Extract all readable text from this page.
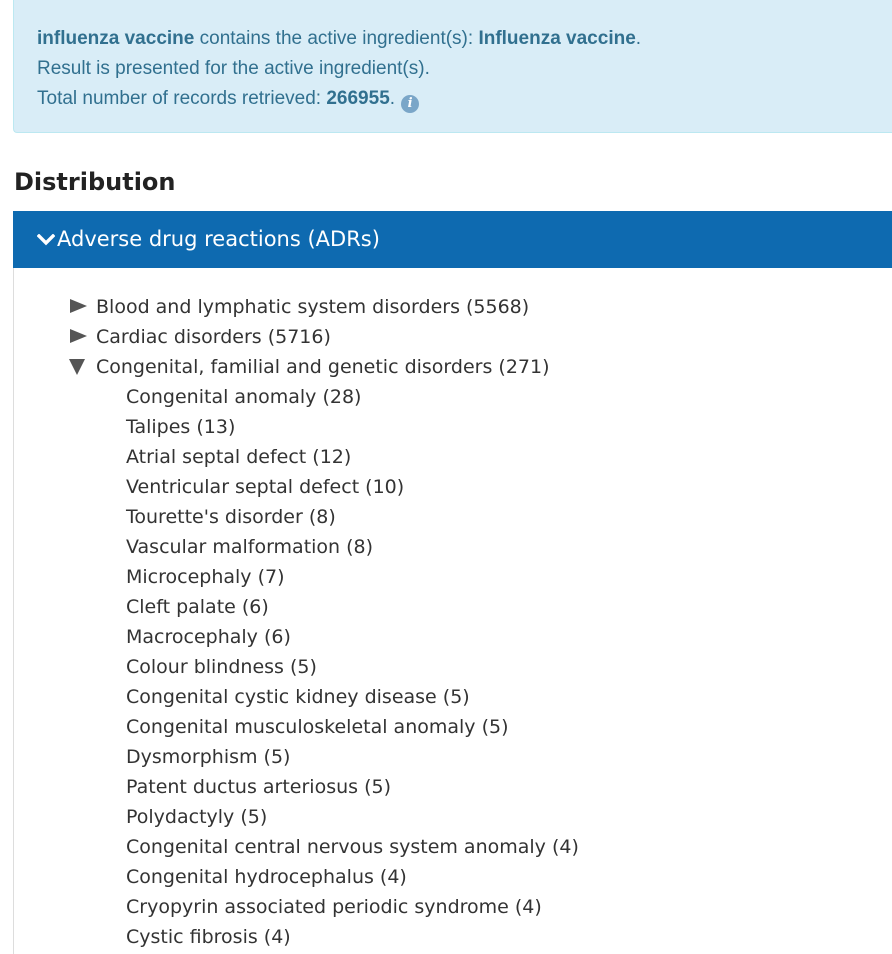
influenza vaccine contains the active ingredient(s): Influenza vaccine.
Result is presented for the active ingredient(s).
Total number of records retrieved: 266955. i
Distribution
Adverse drug reactions (ADRs)
Blood and lymphatic system disorders (5568)
Cardiac disorders (5716)
Congenital, familial and genetic disorders (271)
Congenital anomaly (28)
Talipes (13)
Atrial septal defect (12)
Ventricular septal defect (10)
Tourette's disorder (8)
Vascular malformation (8)
Microcephaly (7)
Cleft palate (6)
Macrocephaly (6)
Colour blindness (5)
Congenital cystic kidney disease (5)
Congenital musculoskeletal anomaly (5)
Dysmorphism (5)
Patent ductus arteriosus (5)
Polydactyly (5)
Congenital central nervous system anomaly (4)
Congenital hydrocephalus (4)
Cryopyrin associated periodic syndrome (4)
Cystic fibrosis (4)
